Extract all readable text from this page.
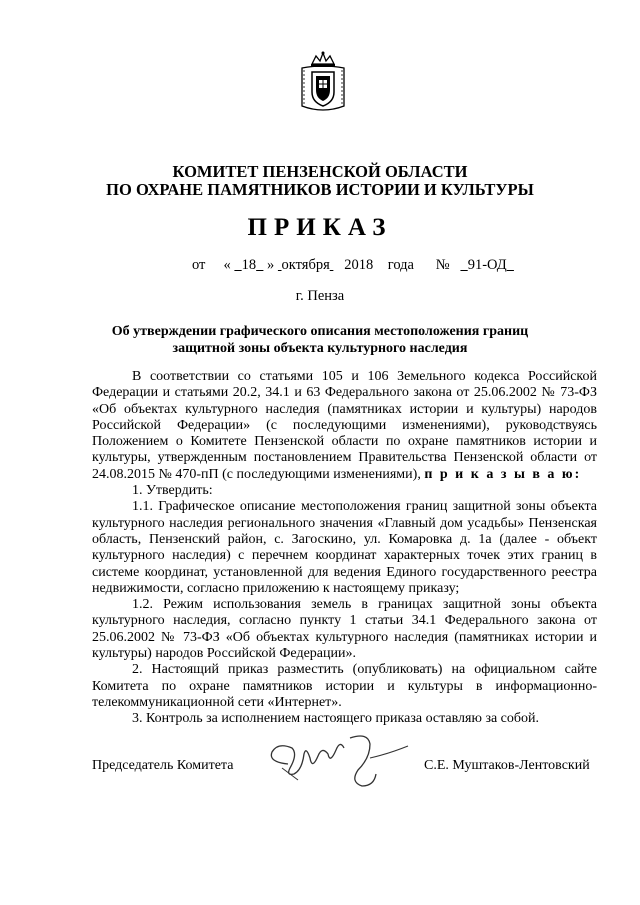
КОМИТЕТ ПЕНЗЕНСКОЙ ОБЛАСТИ
ПО ОХРАНЕ ПАМЯТНИКОВ ИСТОРИИ И КУЛЬТУРЫ
ПРИКАЗ
от « 18 » октября 2018 года № 91-ОД
г. Пенза
Об утверждении графического описания местоположения границ
защитной зоны объекта культурного наследия

В соответствии со статьями 105 и 106 Земельного кодекса Российской Федерации и статьями 20.2, 34.1 и 63 Федерального закона от 25.06.2002 № 73-ФЗ «Об объектах культурного наследия (памятниках истории и культуры) народов Российской Федерации» (с последующими изменениями), руководствуясь Положением о Комитете Пензенской области по охране памятников истории и культуры, утвержденным постановлением Правительства Пензенской области от 24.08.2015 № 470-пП (с последующими изменениями), п р и к а з ы в а ю:

1. Утвердить:

1.1. Графическое описание местоположения границ защитной зоны объекта культурного наследия регионального значения «Главный дом усадьбы» Пензенская область, Пензенский район, с. Загоскино, ул. Комаровка д. 1а (далее - объект культурного наследия) с перечнем координат характерных точек этих границ в системе координат, установленной для ведения Единого государственного реестра недвижимости, согласно приложению к настоящему приказу;

1.2. Режим использования земель в границах защитной зоны объекта культурного наследия, согласно пункту 1 статьи 34.1 Федерального закона от 25.06.2002 № 73-ФЗ «Об объектах культурного наследия (памятниках истории и культуры) народов Российской Федерации».

2. Настоящий приказ разместить (опубликовать) на официальном сайте Комитета по охране памятников истории и культуры в информационно-телекоммуникационной сети «Интернет».

3. Контроль за исполнением настоящего приказа оставляю за собой.

Председатель Комитета	С.Е. Муштаков-Лентовский
